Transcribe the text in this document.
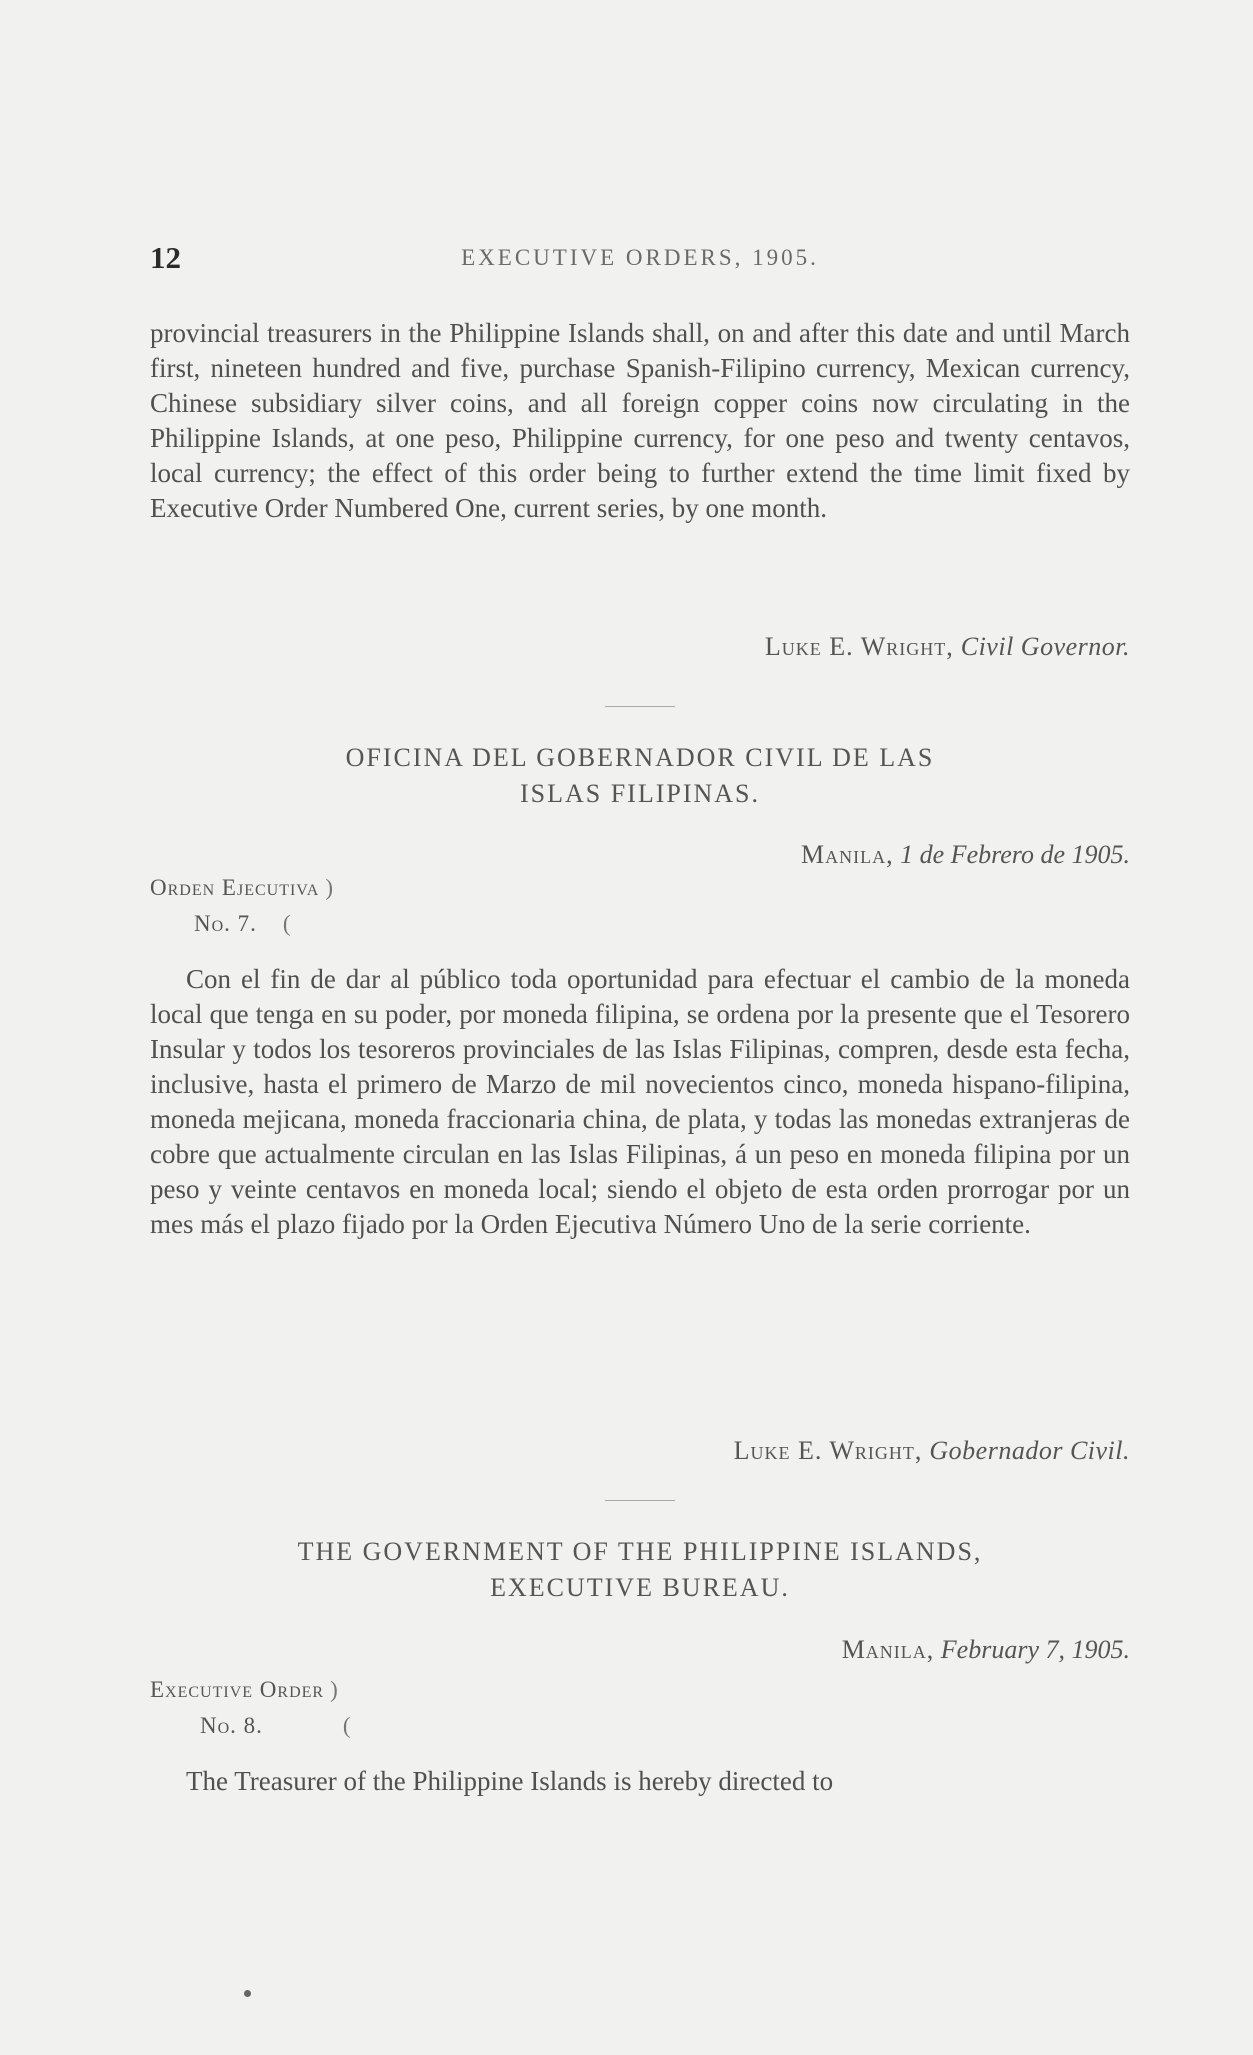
12	EXECUTIVE ORDERS, 1905.
provincial treasurers in the Philippine Islands shall, on and after this date and until March first, nineteen hundred and five, purchase Spanish-Filipino currency, Mexican currency, Chinese subsidiary silver coins, and all foreign copper coins now circulating in the Philippine Islands, at one peso, Philippine currency, for one peso and twenty centavos, local currency; the effect of this order being to further extend the time limit fixed by Executive Order Numbered One, current series, by one month.
Luke E. Wright, Civil Governor.
OFICINA DEL GOBERNADOR CIVIL DE LAS
ISLAS FILIPINAS.
Manila, 1 de Febrero de 1905.
Orden Ejecutiva )
No. 7. (
Con el fin de dar al público toda oportunidad para efectuar el cambio de la moneda local que tenga en su poder, por moneda filipina, se ordena por la presente que el Tesorero Insular y todos los tesoreros provinciales de las Islas Filipinas, compren, desde esta fecha, inclusive, hasta el primero de Marzo de mil novecientos cinco, moneda hispano-filipina, moneda mejicana, moneda fraccionaria china, de plata, y todas las monedas extranjeras de cobre que actualmente circulan en las Islas Filipinas, á un peso en moneda filipina por un peso y veinte centavos en moneda local; siendo el objeto de esta orden prorrogar por un mes más el plazo fijado por la Orden Ejecutiva Número Uno de la serie corriente.
Luke E. Wright, Gobernador Civil.
THE GOVERNMENT OF THE PHILIPPINE ISLANDS,
EXECUTIVE BUREAU.
Manila, February 7, 1905.
Executive Order )
No. 8.	(
The Treasurer of the Philippine Islands is hereby directed to
